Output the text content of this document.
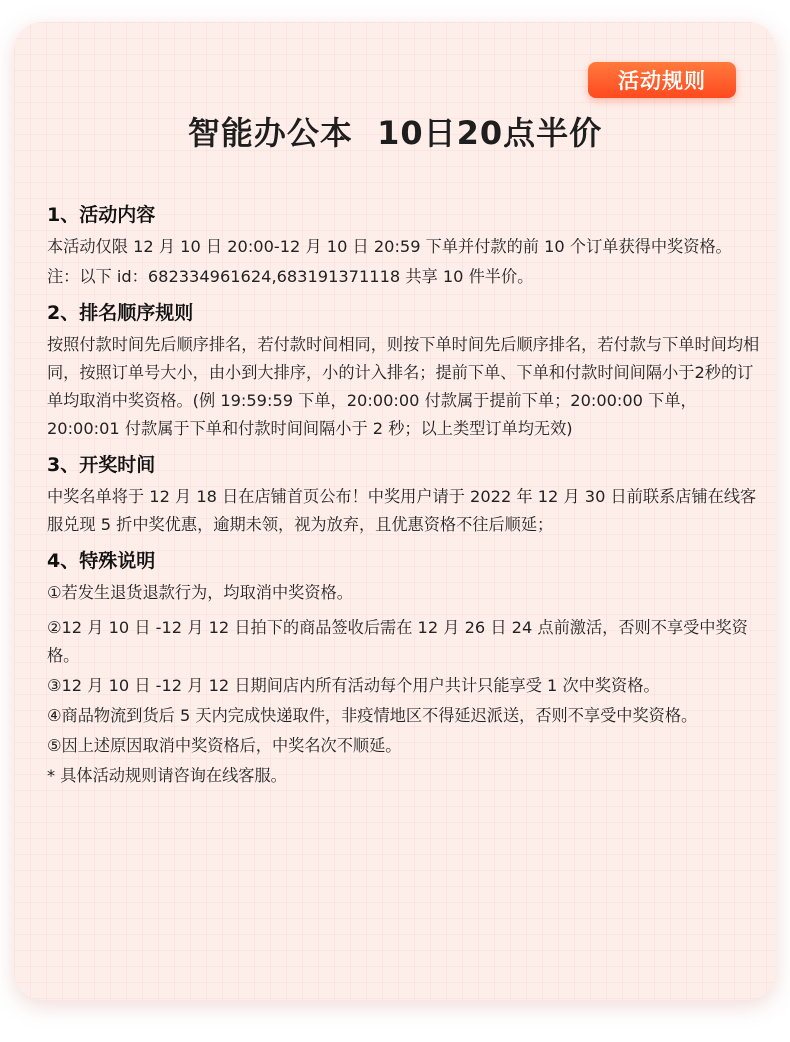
活动规则
智能办公本  10日20点半价
1、活动内容
本活动仅限 12 月 10 日 20:00-12 月 10 日 20:59 下单并付款的前 10 个订单获得中奖资格。
注：以下 id：682334961624,683191371118 共享 10 件半价。
2、排名顺序规则
按照付款时间先后顺序排名，若付款时间相同，则按下单时间先后顺序排名，若付款与下单时间均相同，按照订单号大小，由小到大排序，小的计入排名；提前下单、下单和付款时间间隔小于2秒的订单均取消中奖资格。(例 19:59:59 下单，20:00:00 付款属于提前下单；20:00:00 下单，20:00:01 付款属于下单和付款时间间隔小于 2 秒；以上类型订单均无效)
3、开奖时间
中奖名单将于 12 月 18 日在店铺首页公布！中奖用户请于 2022 年 12 月 30 日前联系店铺在线客服兑现 5 折中奖优惠，逾期未领，视为放弃，且优惠资格不往后顺延；
4、特殊说明
①若发生退货退款行为，均取消中奖资格。
②12 月 10 日 -12 月 12 日拍下的商品签收后需在 12 月 26 日 24 点前激活，否则不享受中奖资格。
③12 月 10 日 -12 月 12 日期间店内所有活动每个用户共计只能享受 1 次中奖资格。
④商品物流到货后 5 天内完成快递取件，非疫情地区不得延迟派送，否则不享受中奖资格。
⑤因上述原因取消中奖资格后，中奖名次不顺延。
* 具体活动规则请咨询在线客服。
